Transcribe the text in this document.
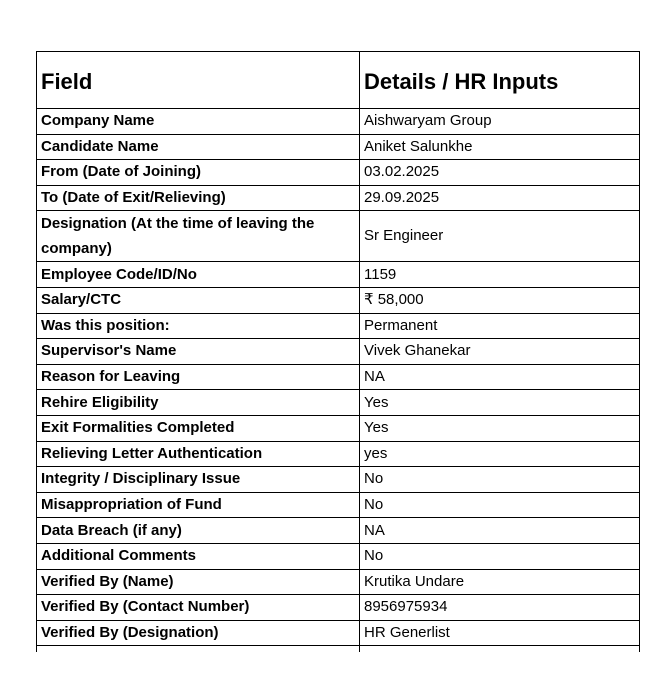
Field	Details / HR Inputs
Company Name	Aishwaryam Group
Candidate Name	Aniket Salunkhe
From (Date of Joining)	03.02.2025
To (Date of Exit/Relieving)	29.09.2025
Designation (At the time of leaving the company)	Sr Engineer
Employee Code/ID/No	1159
Salary/CTC	₹ 58,000
Was this position:	Permanent
Supervisor's Name	Vivek Ghanekar
Reason for Leaving	NA
Rehire Eligibility	Yes
Exit Formalities Completed	Yes
Relieving Letter Authentication	yes
Integrity / Disciplinary Issue	No
Misappropriation of Fund	No
Data Breach (if any)	NA
Additional Comments	No
Verified By (Name)	Krutika Undare
Verified By (Contact Number)	8956975934
Verified By (Designation)	HR Generlist
